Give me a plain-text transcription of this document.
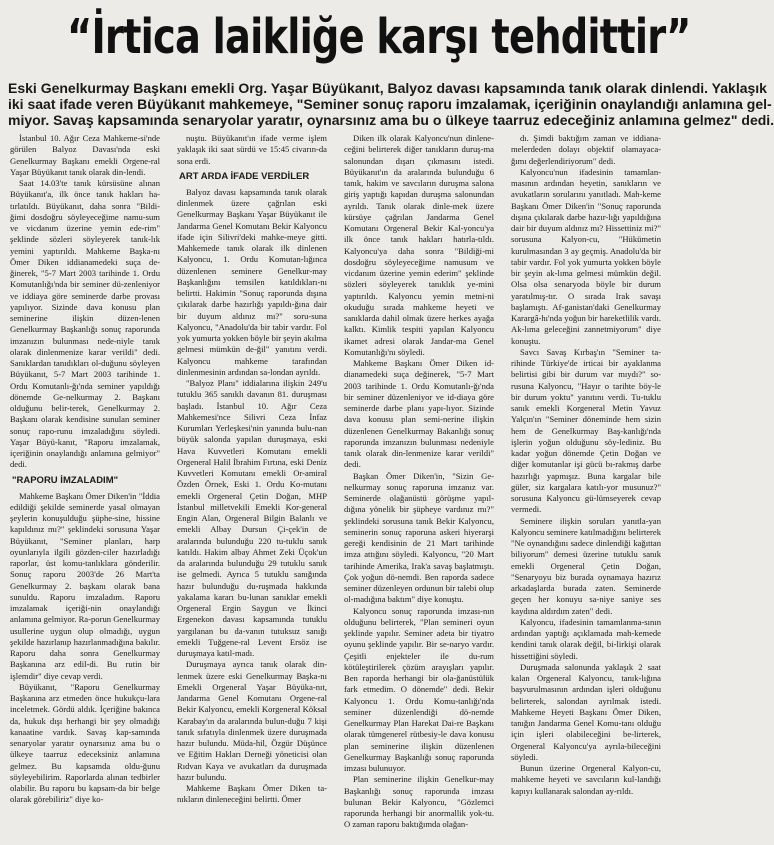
“İrtica laikliğe karşı tehdittir”
Eski Genelkurmay Başkanı emekli Org. Yaşar Büyükanıt, Balyoz davası kapsamında tanık olarak dinlendi. Yaklaşık
iki saat ifade veren Büyükanıt mahkemeye, "Seminer sonuç raporu imzalamak, içeriğinin onaylandığı anlamına gel-
miyor. Savaş kapsamında senaryolar yaratır, oynarsınız ama bu o ülkeye taarruz edeceğiniz anlamına gelmez" dedi.

İstanbul 10. Ağır Ceza Mahkeme-si'nde görülen Balyoz Davası'nda eski Genelkurmay Başkanı emekli Orgene-ral Yaşar Büyükanıt tanık olarak din-lendi.

Saat 14.03'te tanık kürsüsüne alınan Büyükanıt'a, ilk önce tanık hakları ha-tırlatıldı. Büyükanıt, daha sonra "Bildi-ğimi dosdoğru söyleyeceğime namu-sum ve vicdanım üzerine yemin ede-rim" şeklinde sözleri söyleyerek tanık-lık yemini yaptırıldı. Mahkeme Başka-nı Ömer Diken iddianamedeki suça de-ğinerek, "5-7 Mart 2003 tarihinde 1. Ordu Komutanlığı'nda bir seminer dü-zenleniyor ve iddiaya göre seminerde darbe provası yapılıyor. Sizinde dava konusu plan seminerine ilişkin düzen-lenen Genelkurmay Başkanlığı sonuç raporunda imzanızın bulunması nede-niyle tanık olarak dinlenmenize karar verildi" dedi. Sanıklardan tanıdıkları ol-duğunu söyleyen Büyükanıt, 5-7 Mart 2003 tarihinde 1. Ordu Komutanlı-ğı'nda seminer yapıldığı dönemde Ge-nelkurmay 2. Başkanı olduğunu belir-terek, Genelkurmay 2. Başkanı olarak kendisine sunulan seminer sonuç rapo-runu imzaladığını söyledi. Yaşar Büyü-kanıt, "Raporu imzalamak, içeriğinin onaylandığı anlamına gelmiyor" dedi.

"RAPORU İMZALADIM"

Mahkeme Başkanı Ömer Diken'in "İddia edildiği şekilde seminerde yasal olmayan şeylerin konuşulduğu şüphe-sine, hissine kapıldınız mı?" şeklindeki sorusuna Yaşar Büyükanıt, "Seminer planları, harp oyunlarıyla ilgili gözden-ciler hazırladığı raporlar, üst komu-tanlıklara gönderilir. Sonuç raporu 2003'de 26 Mart'ta Genelkurmay 2. başkanı olarak bana sunuldu. Raporu imzaladım. Raporu imzalamak içeriği-nin onaylandığı anlamına gelmiyor. Ra-porun Genelkurmay usullerine uygun olup olmadığı, uygun şekilde hazırlanıp hazırlanmadığına bakılır. Raporu daha sonra Genelkurmay Başkanına arz edil-di. Bu rutin bir işlemdir" diye cevap verdi.

Büyükanıt, "Raporu Genelkurmay Başkanına arz etmeden önce hukukçu-lara inceletmek. Gördü aldık. İçeriğine bakınca da, hukuk dışı herhangi bir şey olmadığı kanaatine vardık. Savaş kap-samında senaryolar yaratır oynarsınız ama bu o ülkeye taarruz edeceksiniz anlamına gelmez. Bu kapsamda oldu-ğunu söyleyebilirim. Raporlarda alınan tedbirler olabilir. Bu raporu bu kapsam-da bir belge olarak görebiliriz" diye ko-

nuştu. Büyükanıt'ın ifade verme işlem yaklaşık iki saat sürdü ve 15:45 civarın-da sona erdi.

ART ARDA İFADE VERDİLER

Balyoz davası kapsamında tanık olarak dinlenmek üzere çağrılan eski Genelkurmay Başkanı Yaşar Büyükanıt ile Jandarma Genel Komutanı Bekir Kalyoncu ifade için Silivri'deki mahke-meye gitti. Mahkemede tanık olarak ilk dinlenen Kalyoncu, 1. Ordu Komutan-lığınca düzenlenen seminere Genelkur-may Başkanlığını temsilen katıldıkları-nı belirtti. Hakimin "Sonuç raporunda dışına çıkılarak darbe hazırlığı yapıldı-ğına dair bir duyum aldınız mı?" soru-suna Kalyoncu, "Anadolu'da bir tabir vardır. Fol yok yumurta yokken böyle bir şeyin akılma gelmesi mümkün de-ğil" yanıtını verdi. Kalyoncu mahkeme tarafından dinlenmesinin ardından sa-londan ayrıldı.

"Balyoz Planı" iddialarına ilişkin 249'u tutuklu 365 sanıklı davanın 81. duruşması başladı. İstanbul 10. Ağır Ceza Mahkemesi'nce Silivri Ceza İnfaz Kurumları Yerleşkesi'nin yanında bulu-nan büyük salonda yapılan duruşmaya, eski Hava Kuvvetleri Komutanı emekli Orgeneral Halil İbrahim Fırtına, eski Deniz Kuvvetleri Komutanı emekli Or-amiral Özden Örnek, Eski 1. Ordu Ko-mutanı emekli Orgeneral Çetin Doğan, MHP İstanbul milletvekili Emekli Kor-general Engin Alan, Orgeneral Bilgin Balanlı ve emekli Albay Dursun Çi-çek'in de aralarında bulunduğu 220 tu-tuklu sanık katıldı. Hakim albay Ahmet Zeki Üçok'un da aralarında bulunduğu 29 tutuklu sanık ise gelmedi. Ayrıca 5 tutuklu sanığında hazır bulunduğu du-ruşmada hakkında yakalama kararı bu-lunan sanıklar emekli Orgeneral Ergin Saygun ve İkinci Ergenekon davası kapsamında tutuklu yargılanan bu da-vanın tutuksuz sanığı emekli Tuğgene-ral Levent Ersöz ise duruşmaya katıl-madı.

Duruşmaya ayrıca tanık olarak din-lenmek üzere eski Genelkurmay Başka-nı Emekli Orgeneral Yaşar Büyüka-nıt, Jandarma Genel Komutanı Orgene-ral Bekir Kalyoncu, emekli Korgeneral Köksal Karabay'ın da aralarında bulun-duğu 7 kişi tanık sıfatıyla dinlenmek üzere duruşmada hazır bulundu. Müda-hil, Özgür Düşünce ve Eğitim Hakları Derneği yöneticisi olan Rıdvan Kaya ve avukatları da duruşmada hazır bulundu.

Mahkeme Başkanı Ömer Diken ta-nıkların dinleneceğini belirtti. Ömer

Diken ilk olarak Kalyoncu'nun dinlene-ceğini belirterek diğer tanıkların duruş-ma salonundan dışarı çıkmasını istedi. Büyükanıt'ın da aralarında bulunduğu 6 tanık, hakim ve savcıların duruşma salona giriş yaptığı kapıdan duruşma salonundan ayrıldı. Tanık olarak dinle-mek üzere kürsüye çağrılan Jandarma Genel Komutanı Orgeneral Bekir Kal-yoncu'ya ilk önce tanık hakları hatırla-tıldı. Kalyoncu'ya daha sonra "Bildiği-mi dosdoğru söyleyeceğime namusum ve vicdanım üzerine yemin ederim" şeklinde sözleri söyleyerek tanıklık ye-mini yaptırıldı. Kalyoncu yemin metni-ni okuduğu sırada mahkeme heyeti ve sanıklarda dahil olmak üzere herkes ayağa kalktı. Kimlik tespiti yapılan Kalyoncu ikamet adresi olarak Jandar-ma Genel Komutanlığı'nı söyledi.

Mahkeme Başkanı Ömer Diken id-dianamedeki suça değinerek, "5-7 Mart 2003 tarihinde 1. Ordu Komutanlı-ğı'nda bir seminer düzenleniyor ve id-diaya göre seminerde darbe planı yapı-lıyor. Sizinde dava konusu plan semi-nerine ilişkin düzenlenen Genelkurmay Bakanlığı sonuç raporunda imzanızın bulunması nedeniyle tanık olarak din-lenmenize karar verildi" dedi.

Başkan Ömer Diken'in, "Sizin Ge-nelkurmay sonuç raporuna imzanız var. Seminerde olağanüstü görüşme yapıl-dığına yönelik bir şüpheye vardınız mı?" şeklindeki sorusuna tanık Bekir Kalyoncu, seminerin sonuç raporuna askeri hiyerarşi gereği kendisinin de 21 Mart tarihinde imza attığını söyledi. Kalyoncu, "20 Mart tarihinde Amerika, Irak'a savaş başlatmıştı. Çok yoğun dö-nemdi. Ben raporda sadece seminer düzenleyen ordunun bir talebi olup ol-madığına baktım" diye konuştu.

Kalyoncu sonuç raporunda imzası-nın olduğunu belirterek, "Plan semineri oyun şeklinde yapılır. Seminer adeta bir tiyatro oyunu şeklinde yapılır. Bir se-naryo vardır. Çeşitli enjekteler ile du-rum kötüleştirilerek çözüm arayışları yapılır. Ben raporda herhangi bir ola-ğanüstülük fark etmedim. O dönemde" dedi. Bekir Kalyoncu 1. Ordu Komu-tanlığı'nda seminer düzenlendiği dö-nemde Genelkurmay Plan Harekat Dai-re Başkanı olarak tümgenerel rütbesiy-le dava konusu plan seminerine ilişkin düzenlenen Genelkurmay Başkanlığı sonuç raporunda imzası bulunuyor.

Plan seminerine ilişkin Genelkur-may Başkanlığı sonuç raporunda imzası bulunan Bekir Kalyoncu, "Gözlemci raporunda herhangi bir anormallik yok-tu. O zaman raporu baktığımda olağan-

dı. Şimdi baktığım zaman ve iddiana-melerdeden dolayı objektif olamayaca-ğımı değerlendiriyorum" dedi.

Kalyoncu'nun ifadesinin tamamlan-masının ardından heyetin, sanıkların ve avukatların sorularını yanıtladı. Mah-keme Başkanı Ömer Diken'in "Sonuç raporunda dışına çıkılarak darbe hazır-lığı yapıldığına dair bir duyum aldınız mı? Hissettiniz mi?" sorusuna Kalyon-cu, "Hükümetin kurulmasından 3 ay geçmiş. Anadolu'da bir tabir vardır. Fol yok yumurta yokken böyle bir şeyin ak-lıma gelmesi mümkün değil. Olsa olsa senaryoda böyle bir durum yaratılmış-tır. O sırada Irak savaşı başlamıştı. Af-ganistan'daki Genelkurmay Karargâ-hı'nda yoğun bir hareketlilik vardı. Ak-lıma geleceğini zannetmiyorum" diye konuştu.

Savcı Savaş Kırbaş'ın "Seminer ta-rihinde Türkiye'de irticai bir ayaklanma belirtisi gibi bir durum var mıydı?" so-rusuna Kalyoncu, "Hayır o tarihte böy-le bir durum yoktu" yanıtını verdi. Tu-tuklu sanık emekli Korgeneral Metin Yavuz Yalçın'ın "Seminer döneminde hem sizin hem de Genelkurmay Baş-kanlığı'nda işlerin yoğun olduğunu söy-lediniz. Bu kadar yoğun dönemde Çetin Doğan ve diğer komutanlar işi gücü bı-rakmış darbe hazırlığı yapmışız. Buna kargalar bile güler, siz kargalara katılı-yor musunuz?" sorusuna Kalyoncu gü-lümseyerek cevap vermedi.

Seminere ilişkin soruları yanıtla-yan Kalyoncu seminere katılmadığını belirterek "Ne oynandığını sadece dinlendiği kağıttan biliyorum" demesi üzerine tutuklu sanık emekli Orgeneral Çetin Doğan, "Senaryoyu biz burada oynamaya hazırız arkadaşlarda burada zaten. Seminerde geçen her konuyu sa-niye saniye ses kaydına aldırdım zaten" dedi.

Kalyoncu, ifadesinin tamamlanma-sının ardından yaptığı açıklamada mah-kemede kendini tanık olarak değil, bi-lirkişi olarak hissettiğini söyledi.

Duruşmada salonunda yaklaşık 2 saat kalan Orgeneral Kalyoncu, tanık-lığına başvurulmasının ardından işleri olduğunu belirterek, salondan ayrılmak istedi. Mahkeme Heyeti Başkanı Ömer Diken, tanığın Jandarma Genel Komu-tanı olduğu için işleri olabileceğini be-lirterek, Orgeneral Kalyoncu'ya ayrıla-bileceğini söyledi.

Bunun üzerine Orgeneral Kalyon-cu, mahkeme heyeti ve savcıların kul-landığı kapıyı kullanarak salondan ay-rıldı.
